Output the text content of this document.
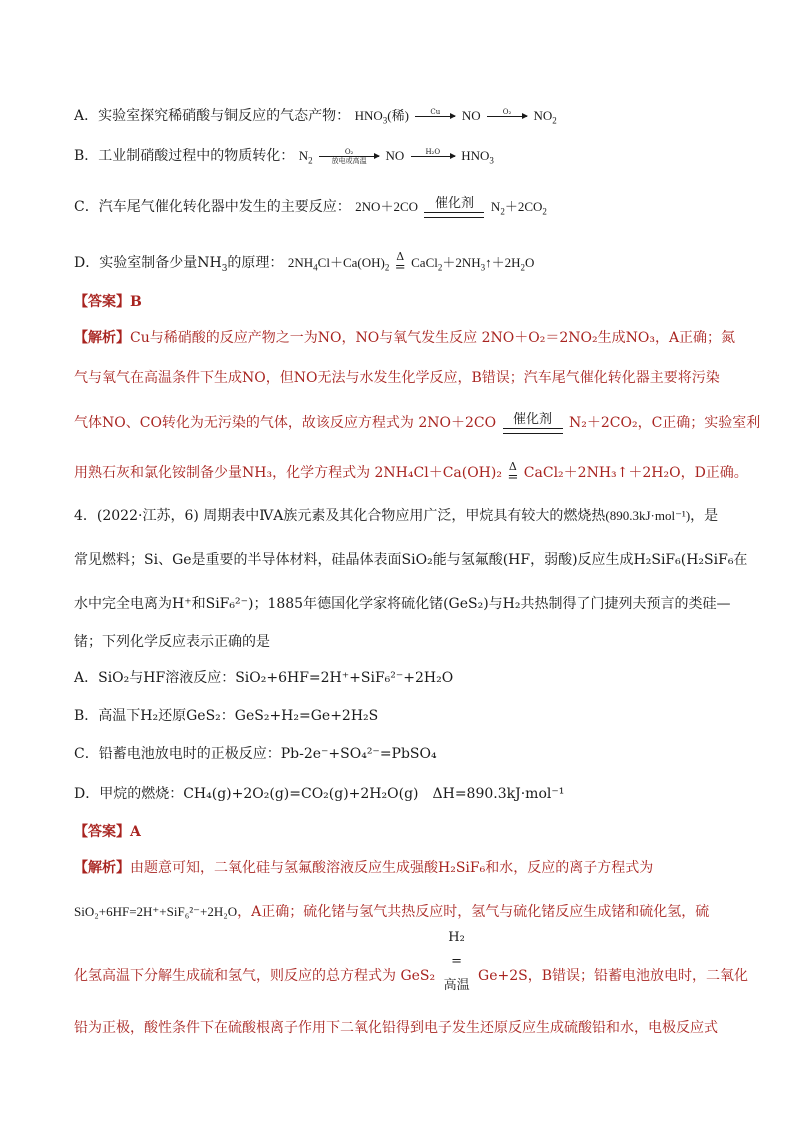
A．实验室探究稀硝酸与铜反应的气态产物： $HNO_3$(稀)	Cu	NO	O₂	$NO_2$
B．工业制硝酸过程中的物质转化： $N_2$
O₂
放电或高温	NO	H₂O	$HNO_3$
C．汽车尾气催化转化器中发生的主要反应： 2NO＋2CO	催化剂	$N_2+2CO_2$
D．实验室制备少量$NH_3$的原理： $2NH_4Cl+Ca(OH)_2$
Δ
= $CaCl_2+2NH_3↑+2H_2O$
【答案】B
【解析】Cu与稀硝酸的反应产物之一为NO，NO与氧气发生反应 2NO＋O₂＝2NO₂生成NO₃，A正确；氮
气与氧气在高温条件下生成NO，但NO无法与水发生化学反应，B错误；汽车尾气催化转化器主要将污染
气体NO、CO转化为无污染的气体，故该反应方程式为 2NO＋2CO	催化剂	N₂＋2CO₂，C正确；实验室利
用熟石灰和氯化铵制备少量NH₃，化学方程式为 2NH₄Cl＋Ca(OH)₂ Δ
= CaCl₂＋2NH₃↑＋2H₂O，D正确。
4．(2022·江苏，6) 周期表中ⅣA族元素及其化合物应用广泛，甲烷具有较大的燃烧热(890.3kJ·mol⁻¹)，是
常见燃料；Si、Ge是重要的半导体材料，硅晶体表面SiO₂能与氢氟酸(HF，弱酸)反应生成H₂SiF₆(H₂SiF₆在
水中完全电离为H⁺和SiF₆²⁻)；1885年德国化学家将硫化锗(GeS₂)与H₂共热制得了门捷列夫预言的类硅—
锗；下列化学反应表示正确的是
A．SiO₂与HF溶液反应：SiO₂+6HF=2H⁺+SiF₆²⁻+2H₂O
B．高温下H₂还原GeS₂：GeS₂+H₂=Ge+2H₂S
C．铅蓄电池放电时的正极反应：Pb-2e⁻+SO₄²⁻=PbSO₄
D．甲烷的燃烧：CH₄(g)+2O₂(g)=CO₂(g)+2H₂O(g)　ΔH=890.3kJ·mol⁻¹
【答案】A
【解析】由题意可知，二氧化硅与氢氟酸溶液反应生成强酸H₂SiF₆和水，反应的离子方程式为
SiO₂+6HF=2H⁺+SiF₆²⁻+2H₂O，A正确；硫化锗与氢气共热反应时，氢气与硫化锗反应生成锗和硫化氢，硫
化氢高温下分解生成硫和氢气，则反应的总方程式为 GeS₂
H₂
=
高温
Ge+2S，B错误；铅蓄电池放电时，二氧化
铅为正极，酸性条件下在硫酸根离子作用下二氧化铅得到电子发生还原反应生成硫酸铅和水，电极反应式
